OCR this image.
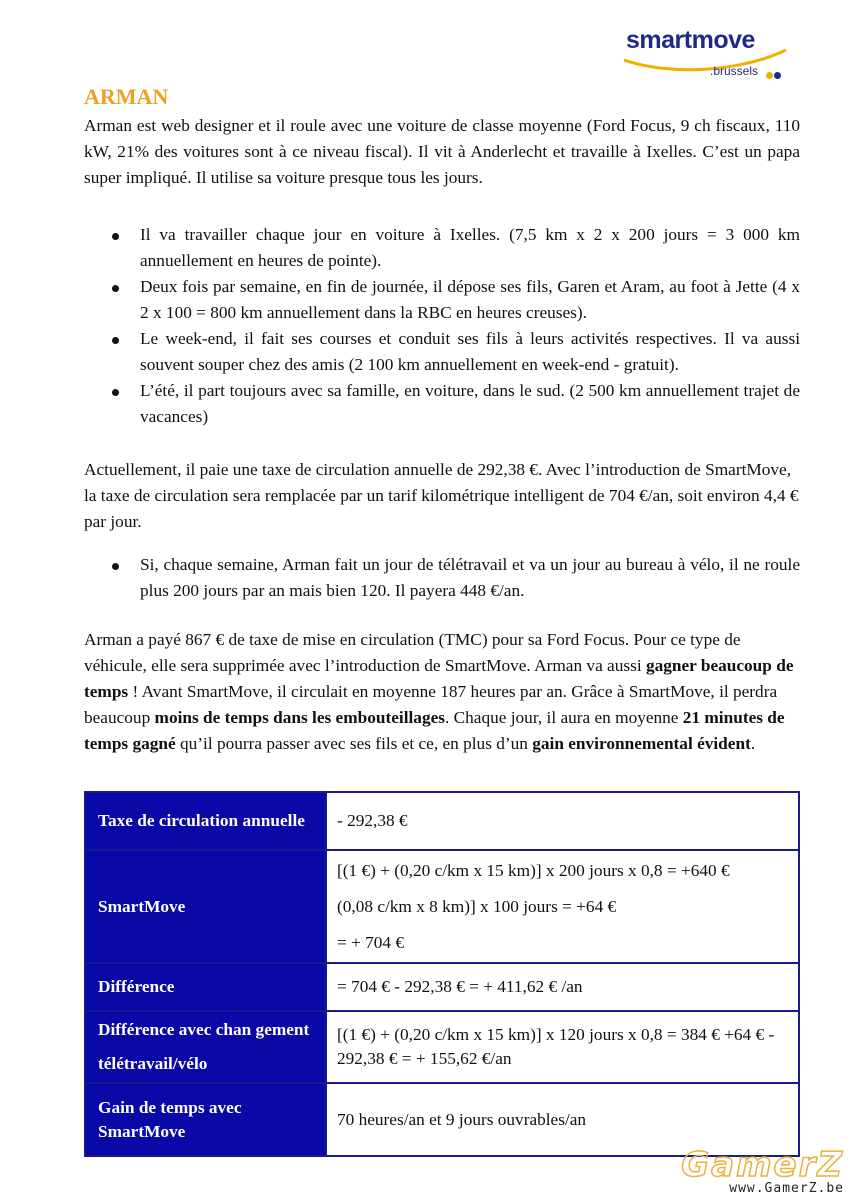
smartmove
.brussels
ARMAN
Arman est web designer et il roule avec une voiture de classe moyenne (Ford Focus, 9 ch fiscaux, 110 kW, 21% des voitures sont à ce niveau fiscal). Il vit à Anderlecht et travaille à Ixelles. C’est un papa super impliqué. Il utilise sa voiture presque tous les jours.
Il va travailler chaque jour en voiture à Ixelles. (7,5 km x 2 x 200 jours = 3 000 km annuellement en heures de pointe).
Deux fois par semaine, en fin de journée, il dépose ses fils, Garen et Aram, au foot à Jette (4 x 2 x 100 = 800 km annuellement dans la RBC en heures creuses).
Le week-end, il fait ses courses et conduit ses fils à leurs activités respectives. Il va aussi souvent souper chez des amis (2 100 km annuellement en week-end - gratuit).
L’été, il part toujours avec sa famille, en voiture, dans le sud. (2 500 km annuellement trajet de vacances)
Actuellement, il paie une taxe de circulation annuelle de 292,38 €. Avec l’introduction de SmartMove, la taxe de circulation sera remplacée par un tarif kilométrique intelligent de 704 €/an, soit environ 4,4 € par jour.
Si, chaque semaine, Arman fait un jour de télétravail et va un jour au bureau à vélo, il ne roule plus 200 jours par an mais bien 120. Il payera 448 €/an.
Arman a payé 867 € de taxe de mise en circulation (TMC) pour sa Ford Focus. Pour ce type de véhicule, elle sera supprimée avec l’introduction de SmartMove. Arman va aussi gagner beaucoup de temps ! Avant SmartMove, il circulait en moyenne 187 heures par an. Grâce à SmartMove, il perdra beaucoup moins de temps dans les embouteillages. Chaque jour, il aura en moyenne 21 minutes de temps gagné qu’il pourra passer avec ses fils et ce, en plus d’un gain environnemental évident.
Taxe de circulation annuelle	- 292,38 €

SmartMove	[(1 €) + (0,20 c/km x 15 km)] x 200 jours x 0,8 = +640 €
(0,08 c/km x 8 km)] x 100 jours = +64 €
= + 704 €

Différence	= 704 € - 292,38 € = + 411,62 € /an

Différence avec chan gement télétravail/vélo	[(1 €) + (0,20 c/km x 15 km)] x 120 jours x 0,8 = 384 € +64 € - 292,38 € = + 155,62 €/an

Gain de temps avec SmartMove	70 heures/an et 9 jours ouvrables/an
GamerZ
www.GamerZ.be
